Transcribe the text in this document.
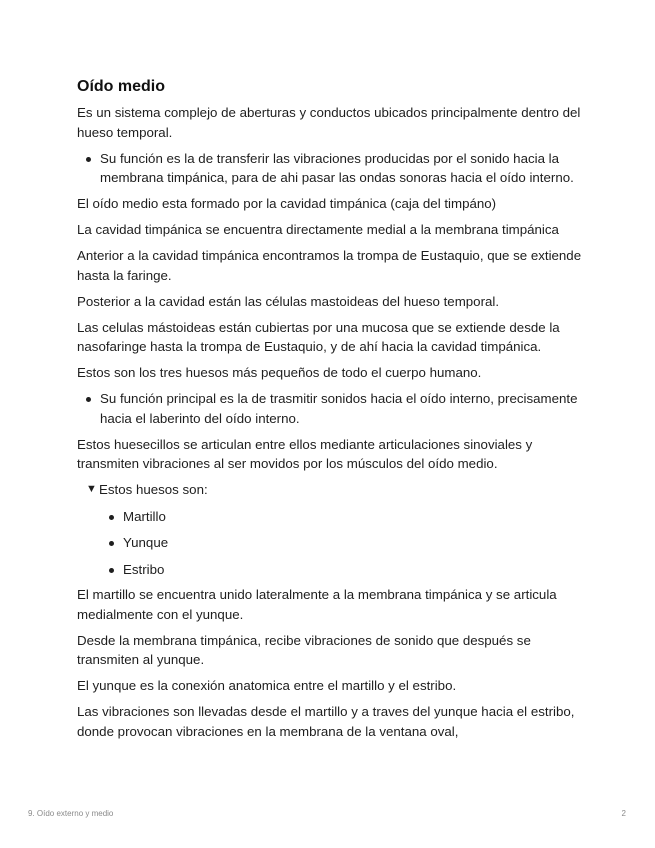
Oído medio

Es un sistema complejo de aberturas y conductos ubicados principalmente dentro del hueso temporal.

Su función es la de transferir las vibraciones producidas por el sonido hacia la membrana timpánica, para de ahi pasar las ondas sonoras hacia el oído interno.

El oído medio esta formado por la cavidad timpánica (caja del timpáno)

La cavidad timpánica se encuentra directamente medial a la membrana timpánica

Anterior a la cavidad timpánica encontramos la trompa de Eustaquio, que se extiende hasta la faringe.

Posterior a la cavidad están las células mastoideas del hueso temporal.

Las celulas mástoideas están cubiertas por una mucosa que se extiende desde la nasofaringe hasta la trompa de Eustaquio, y de ahí hacia la cavidad timpánica.

Estos son los tres huesos más pequeños de todo el cuerpo humano.

Su función principal es la de trasmitir sonidos hacia el oído interno, precisamente hacia el laberinto del oído interno.

Estos huesecillos se articulan entre ellos mediante articulaciones sinoviales y transmiten vibraciones al ser movidos por los músculos del oído medio.

▼ Estos huesos son:

Martillo
Yunque
Estribo

El martillo se encuentra unido lateralmente a la membrana timpánica y se articula medialmente con el yunque.

Desde la membrana timpánica, recibe vibraciones de sonido que después se transmiten al yunque.

El yunque es la conexión anatomica entre el martillo y el estribo.

Las vibraciones son llevadas desde el martillo y a traves del yunque hacia el estribo, donde provocan vibraciones en la membrana de la ventana oval,

9. Oído externo y medio	2
